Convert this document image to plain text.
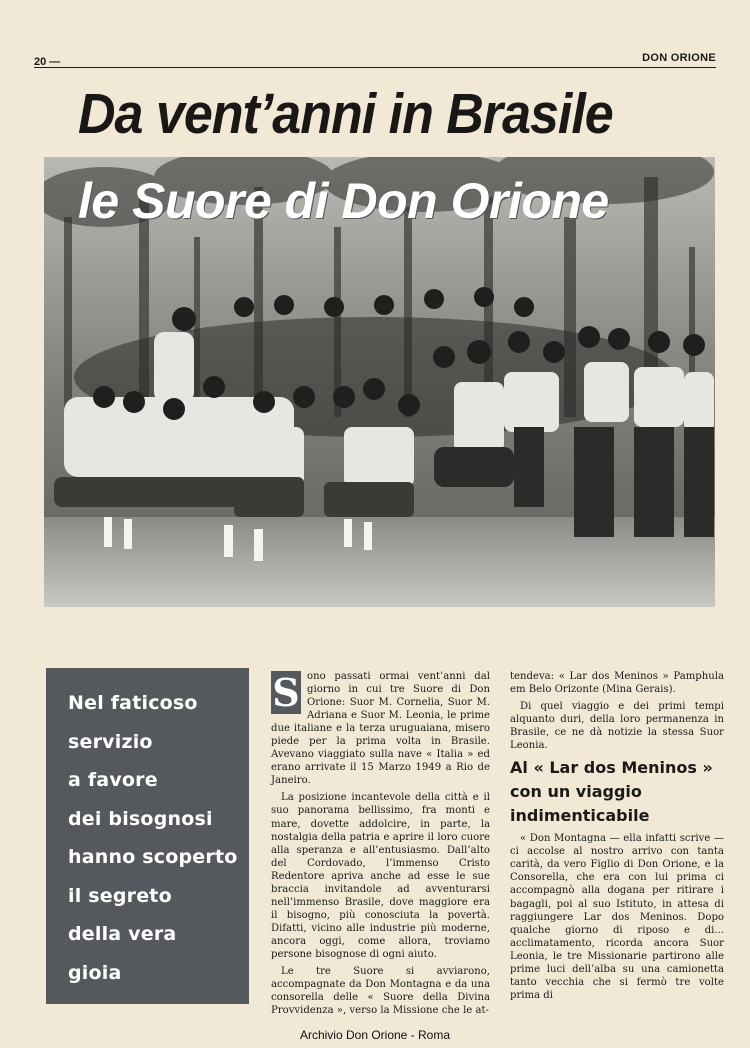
20 —	DON ORIONE
Da vent’anni in Brasile
le Suore di Don Orione
Nel faticoso
servizio
a favore
dei bisognosi
hanno scoperto
il segreto
della vera
gioia
S ono passati ormai vent’anni dal giorno in cui tre Suore di Don Orione: Suor M. Cornelia, Suor M. Adriana e Suor M. Leonia, le prime due italiane e la terza uruguaiana, misero piede per la prima volta in Brasile. Avevano viaggiato sulla nave « Italia » ed erano arrivate il 15 Marzo 1949 a Rio de Janeiro.

La posizione incantevole della città e il suo panorama bellissimo, fra monti e mare, dovette addolcire, in parte, la nostalgia della patria e aprire il loro cuore alla speranza e all’entusiasmo. Dall’alto del Cordovado, l’immenso Cristo Redentore apriva anche ad esse le sue braccia invitandole ad avventurarsi nell’immenso Brasile, dove maggiore era il bisogno, più conosciuta la povertà. Difatti, vicino alle industrie più moderne, ancora oggi, come allora, troviamo persone bisognose di ogni aiuto.

Le tre Suore si avviarono, accompagnate da Don Montagna e da una consorella delle « Suore della Divina Provvidenza », verso la Missione che le at-

tendeva: « Lar dos Meninos » Pamphula em Belo Orizonte (Mina Gerais).

Di quel viaggio e dei primi tempi alquanto duri, della loro permanenza in Brasile, ce ne dà notizie la stessa Suor Leonia.

Al « Lar dos Meninos » con un viaggio indimenticabile

« Don Montagna — ella infatti scrive — ci accolse al nostro arrivo con tanta carità, da vero Figlio di Don Orione, e la Consorella, che era con lui prima ci accompagnò alla dogana per ritirare i bagagli, poi al suo Istituto, in attesa di raggiungere Lar dos Meninos. Dopo qualche giorno di riposo e di... acclimatamento, ricorda ancora Suor Leonia, le tre Missionarie partirono alle prime luci dell’alba su una camionetta tanto vecchia che si fermò tre volte prima di

Archivio Don Orione - Roma
